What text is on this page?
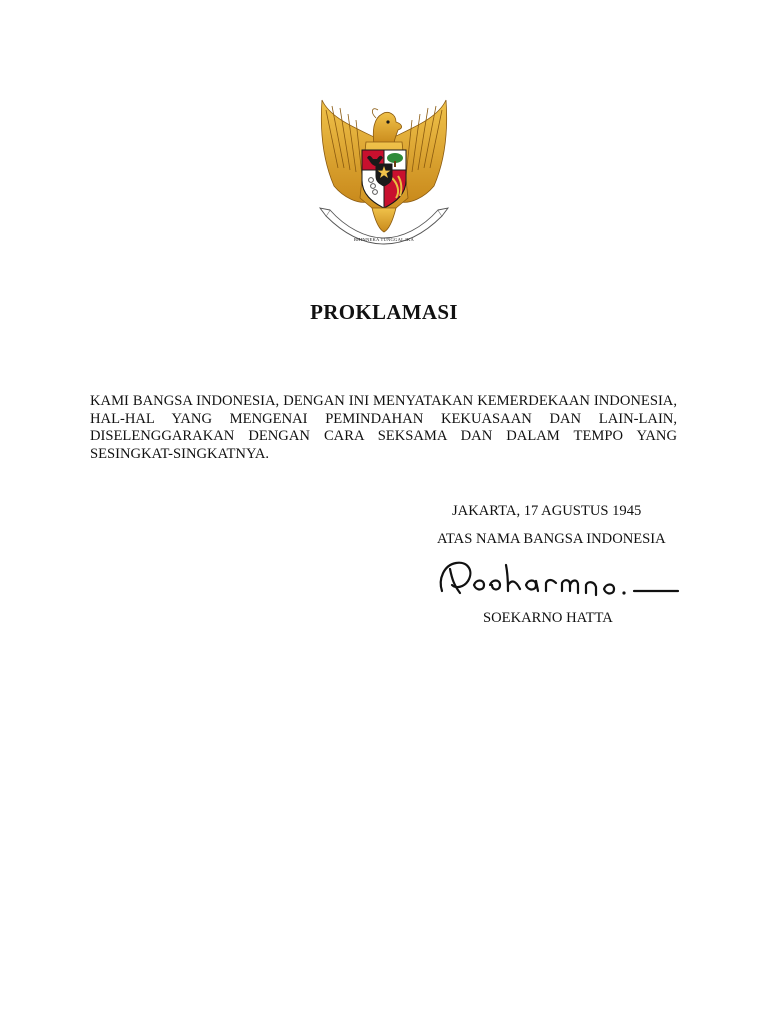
BHINNEKA TUNGGAL IKA
PROKLAMASI
KAMI BANGSA INDONESIA, DENGAN INI MENYATAKAN KEMERDEKAAN INDONESIA, HAL-HAL YANG MENGENAI PEMINDAHAN KEKUASAAN DAN LAIN-LAIN, DISELENGGARAKAN DENGAN CARA SEKSAMA DAN DALAM TEMPO YANG SESINGKAT-SINGKATNYA.
JAKARTA, 17 AGUSTUS 1945
ATAS NAMA BANGSA INDONESIA
SOEKARNO HATTA
